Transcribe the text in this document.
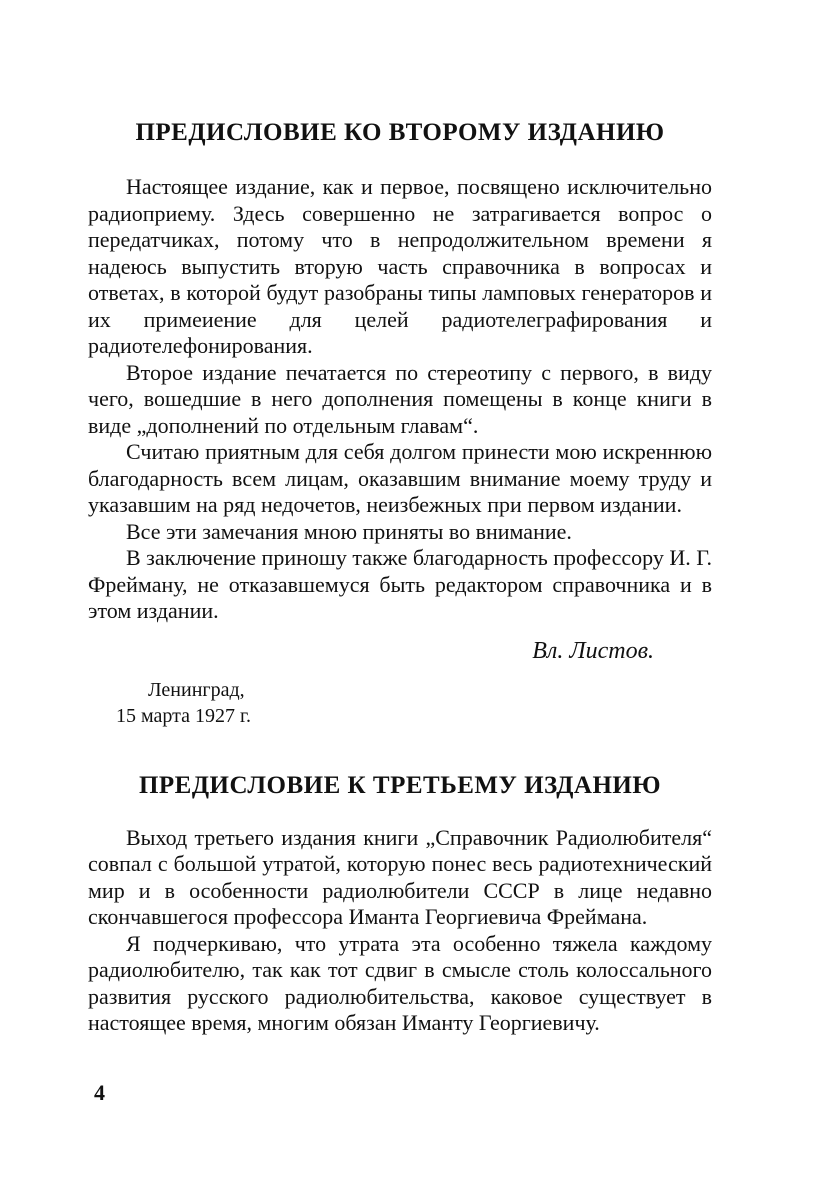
ПРЕДИСЛОВИЕ КО ВТОРОМУ ИЗДАНИЮ

Настоящее издание, как и первое, посвящено исключительно радиоприему. Здесь совершенно не затрагивается вопрос о передатчиках, потому что в непродолжительном времени я надеюсь выпустить вторую часть справочника в вопросах и ответах, в которой будут разобраны типы ламповых генераторов и их примеиение для целей радиотелеграфирования и радиотелефонирования.

Второе издание печатается по стереотипу с первого, в виду чего, вошедшие в него дополнения помещены в конце книги в виде „дополнений по отдельным главам“.

Считаю приятным для себя долгом принести мою искреннюю благодарность всем лицам, оказавшим внимание моему труду и указавшим на ряд недочетов, неизбежных при первом издании.

Все эти замечания мною приняты во внимание.

В заключение приношу также благодарность профессору И. Г. Фрейману, не отказавшемуся быть редактором справочника и в этом издании.

Вл. Листов.
Ленинград,
15 марта 1927 г.
ПРЕДИСЛОВИЕ К ТРЕТЬЕМУ ИЗДАНИЮ

Выход третьего издания книги „Справочник Радиолюбителя“ совпал с большой утратой, которую понес весь радиотехнический мир и в особенности радиолюбители СССР в лице недавно скончавшегося профессора Иманта Георгиевича Фреймана.

Я подчеркиваю, что утрата эта особенно тяжела каждому радиолюбителю, так как тот сдвиг в смысле столь колоссального развития русского радиолюбительства, каковое существует в настоящее время, многим обязан Иманту Георгиевичу.

4
